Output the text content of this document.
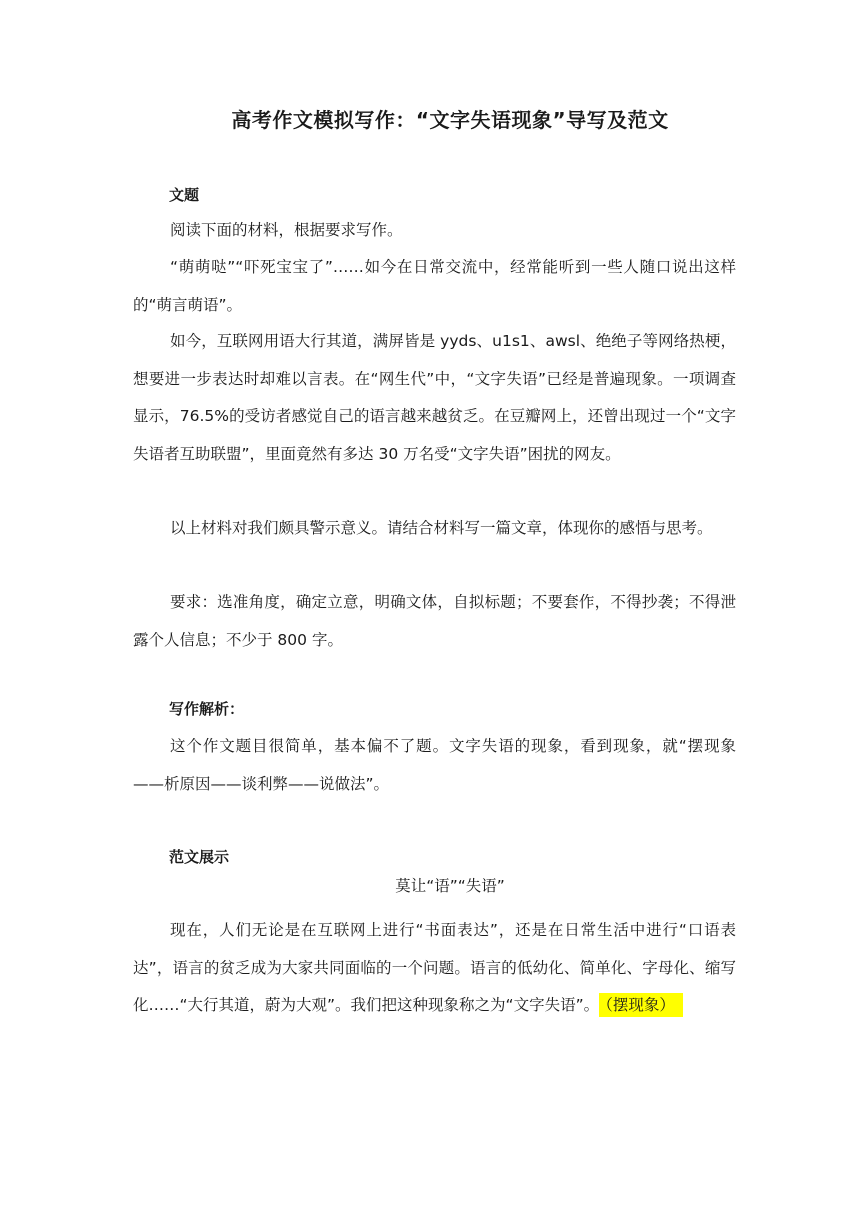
高考作文模拟写作：“文字失语现象”导写及范文
文题

阅读下面的材料，根据要求写作。

“萌萌哒”“吓死宝宝了”……如今在日常交流中，经常能听到一些人随口说出这样的“萌言萌语”。

如今，互联网用语大行其道，满屏皆是 yyds、u1s1、awsl、绝绝子等网络热梗，想要进一步表达时却难以言表。在“网生代”中，“文字失语”已经是普遍现象。一项调查显示，76.5%的受访者感觉自己的语言越来越贫乏。在豆瓣网上，还曾出现过一个“文字失语者互助联盟”，里面竟然有多达 30 万名受“文字失语”困扰的网友。

以上材料对我们颇具警示意义。请结合材料写一篇文章，体现你的感悟与思考。

要求：选准角度，确定立意，明确文体，自拟标题；不要套作，不得抄袭；不得泄露个人信息；不少于 800 字。

写作解析：

这个作文题目很简单，基本偏不了题。文字失语的现象，看到现象，就“摆现象——析原因——谈利弊——说做法”。

范文展示

莫让“语”“失语”

现在，人们无论是在互联网上进行“书面表达”，还是在日常生活中进行“口语表达”，语言的贫乏成为大家共同面临的一个问题。语言的低幼化、简单化、字母化、缩写化……“大行其道，蔚为大观”。我们把这种现象称之为“文字失语”。 （摆现象）
